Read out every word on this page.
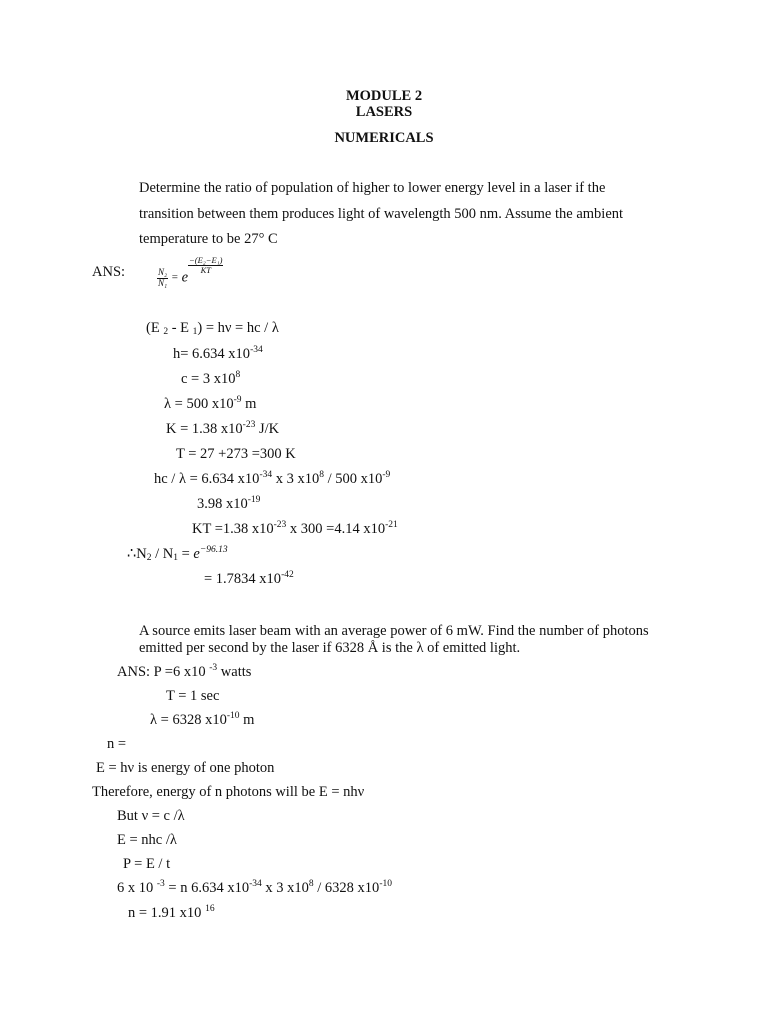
MODULE 2
LASERS
NUMERICALS
Determine the ratio of population of higher to lower energy level in a laser if the
transition between them produces light of wavelength 500 nm. Assume the ambient
temperature to be 27° C
ANS:	$\frac{\text{N₂}}{\text{N₁}} = e$
$\frac{\text{−(E₂−E₁)}}{KT}$
(E $_2$ - E $_1$) = hν = hc / λ
h= 6.634 $x10^{-34}$
c = 3 $x10^8$
λ = 500 $x10^{-9}$ m
K = 1.38 $x10^{-23}$ J/K
T = 27 +273 =300 K
hc / λ = 6.634 $x10^{-34}$ x 3 $x10^8 / 500$ $x10^{-9}$
3.98 $x10^{-19}$
KT =1.38 $x10^{-23}$ x 300 =4.14 $x10^{-21}$
$\therefore N_2 / N_1 = e^{-96.13}$
= 1.7834 $x10^{-42}$
A source emits laser beam with an average power of 6 mW. Find the number of photons
emitted per second by the laser if 6328 Å is the λ of emitted light.
ANS: P =6 x10 $^{-3}$ watts
T = 1 sec
λ = 6328 $x10^{-10}$ m
n =
E = hν is energy of one photon
Therefore, energy of n photons will be E = nhν
But ν = c /λ
E = nhc /λ
P = E / t
6 x 10 $^{-3}$ = n 6.634 $x10^{-34}$ x 3 $x10^8 / 6328$ $x10^{-10}$
n = 1.91 x10 $^{16}$
